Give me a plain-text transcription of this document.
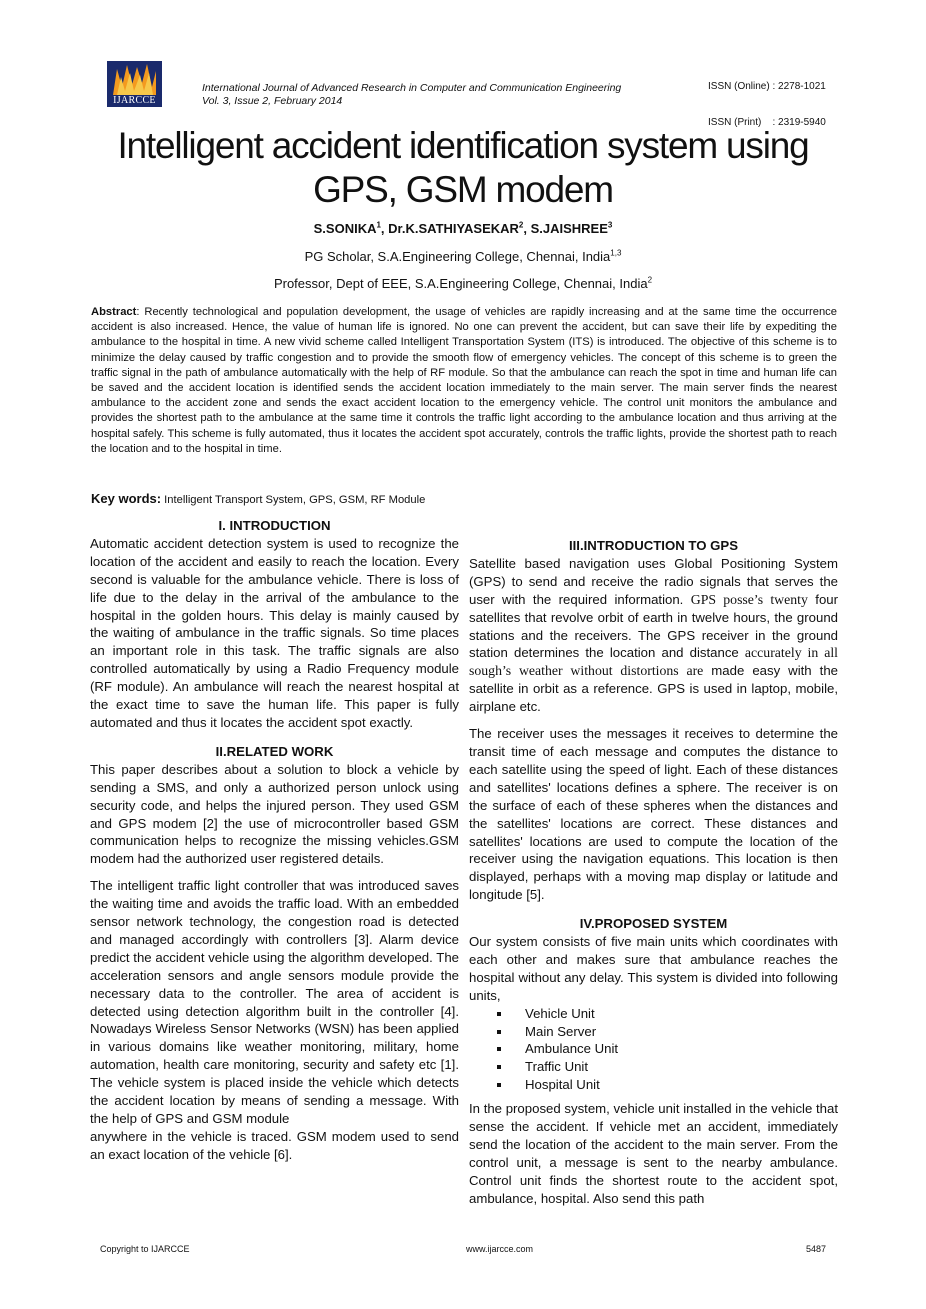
IJARCCE
International Journal of Advanced Research in Computer and Communication Engineering
Vol. 3, Issue 2, February 2014

ISSN (Online) : 2278-1021

ISSN (Print)    : 2319-5940

Intelligent accident identification system using
GPS, GSM modem
S.SONIKA$^1$, Dr.K.SATHIYASEKAR$^2$, S.JAISHREE$^3$
PG Scholar, S.A.Engineering College, Chennai, India$^{1,3}$
Professor, Dept of EEE, S.A.Engineering College, Chennai, India$^2$
Abstract: Recently technological and population development, the usage of vehicles are rapidly increasing and at the same time the occurrence accident is also increased. Hence, the value of human life is ignored. No one can prevent the accident, but can save their life by expediting the ambulance to the hospital in time. A new vivid scheme called Intelligent Transportation System (ITS) is introduced. The objective of this scheme is to minimize the delay caused by traffic congestion and to provide the smooth flow of emergency vehicles. The concept of this scheme is to green the traffic signal in the path of ambulance automatically with the help of RF module. So that the ambulance can reach the spot in time and human life can be saved and the accident location is identified sends the accident location immediately to the main server. The main server finds the nearest ambulance to the accident zone and sends the exact accident location to the emergency vehicle. The control unit monitors the ambulance and provides the shortest path to the ambulance at the same time it controls the traffic light according to the ambulance location and thus arriving at the hospital safely. This scheme is fully automated, thus it locates the accident spot accurately, controls the traffic lights, provide the shortest path to reach the location and to the hospital in time.
Key words: Intelligent Transport System, GPS, GSM, RF Module

I. INTRODUCTION

Automatic accident detection system is used to recognize the location of the accident and easily to reach the location. Every second is valuable for the ambulance vehicle. There is loss of life due to the delay in the arrival of the ambulance to the hospital in the golden hours. This delay is mainly caused by the waiting of ambulance in the traffic signals. So time places an important role in this task. The traffic signals are also controlled automatically by using a Radio Frequency module (RF module). An ambulance will reach the nearest hospital at the exact time to save the human life. This paper is fully automated and thus it locates the accident spot exactly.

II.RELATED WORK

This paper describes about a solution to block a vehicle by sending a SMS, and only a authorized person unlock using security code, and helps the injured person. They used GSM and GPS modem [2] the use of microcontroller based GSM communication helps to recognize the missing vehicles.GSM modem had the authorized user registered details.

The intelligent traffic light controller that was introduced saves the waiting time and avoids the traffic load. With an embedded sensor network technology, the congestion road is detected and managed accordingly with controllers [3]. Alarm device predict the accident vehicle using the algorithm developed. The acceleration sensors and angle sensors module provide the necessary data to the controller. The area of accident is detected using detection algorithm built in the controller [4]. Nowadays Wireless Sensor Networks (WSN) has been applied in various domains like weather monitoring, military, home automation, health care monitoring, security and safety etc [1]. The vehicle system is placed inside the vehicle which detects the accident location by means of sending a message. With the help of GPS and GSM module

anywhere in the vehicle is traced. GSM modem used to send an exact location of the vehicle [6].

III.INTRODUCTION TO GPS

Satellite based navigation uses Global Positioning System (GPS) to send and receive the radio signals that serves the user with the required information. GPS posse’s twenty four satellites that revolve orbit of earth in twelve hours, the ground stations and the receivers. The GPS receiver in the ground station determines the location and distance accurately in all sough’s weather without distortions are made easy with the satellite in orbit as a reference. GPS is used in laptop, mobile, airplane etc.

The receiver uses the messages it receives to determine the transit time of each message and computes the distance to each satellite using the speed of light. Each of these distances and satellites' locations defines a sphere. The receiver is on the surface of each of these spheres when the distances and the satellites' locations are correct. These distances and satellites' locations are used to compute the location of the receiver using the navigation equations. This location is then displayed, perhaps with a moving map display or latitude and longitude [5].

IV.PROPOSED SYSTEM

Our system consists of five main units which coordinates with each other and makes sure that ambulance reaches the hospital without any delay. This system is divided into following units,

Vehicle Unit
Main Server
Ambulance Unit
Traffic Unit
Hospital Unit

In the proposed system, vehicle unit installed in the vehicle that sense the accident. If vehicle met an accident, immediately send the location of the accident to the main server. From the control unit, a message is sent to the nearby ambulance. Control unit finds the shortest route to the accident spot, ambulance, hospital. Also send this path

Copyright to IJARCCE	www.ijarcce.com	5487
